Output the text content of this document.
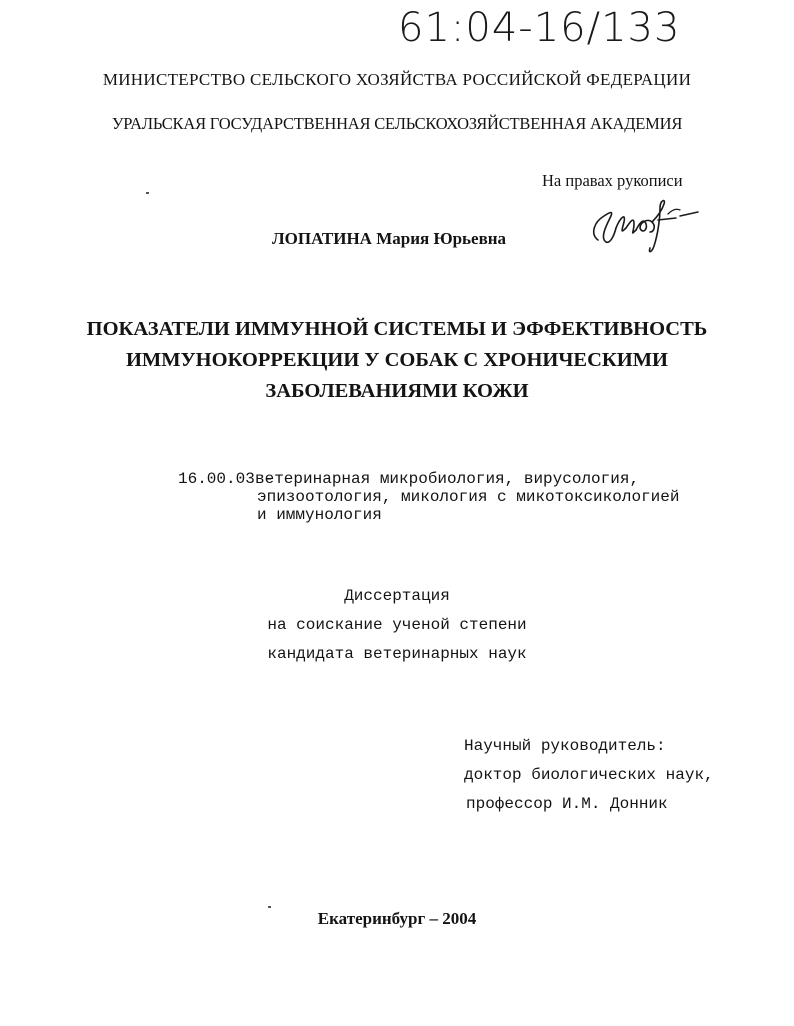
61:04-16/133
МИНИСТЕРСТВО СЕЛЬСКОГО ХОЗЯЙСТВА РОССИЙСКОЙ ФЕДЕРАЦИИ
УРАЛЬСКАЯ ГОСУДАРСТВЕННАЯ СЕЛЬСКОХОЗЯЙСТВЕННАЯ АКАДЕМИЯ
На правах рукописи
ЛОПАТИНА Мария Юрьевна
ПОКАЗАТЕЛИ ИММУННОЙ СИСТЕМЫ И ЭФФЕКТИВНОСТЬ
ИММУНОКОРРЕКЦИИ У СОБАК С ХРОНИЧЕСКИМИ
ЗАБОЛЕВАНИЯМИ КОЖИ
16.00.03 -
ветеринарная микробиология, вирусология,
эпизоотология, микология с микотоксикологией
и иммунология
Диссертация
на соискание ученой степени
кандидата ветеринарных наук
Научный руководитель:
доктор биологических наук,
профессор И.М. Донник
Екатеринбург – 2004
